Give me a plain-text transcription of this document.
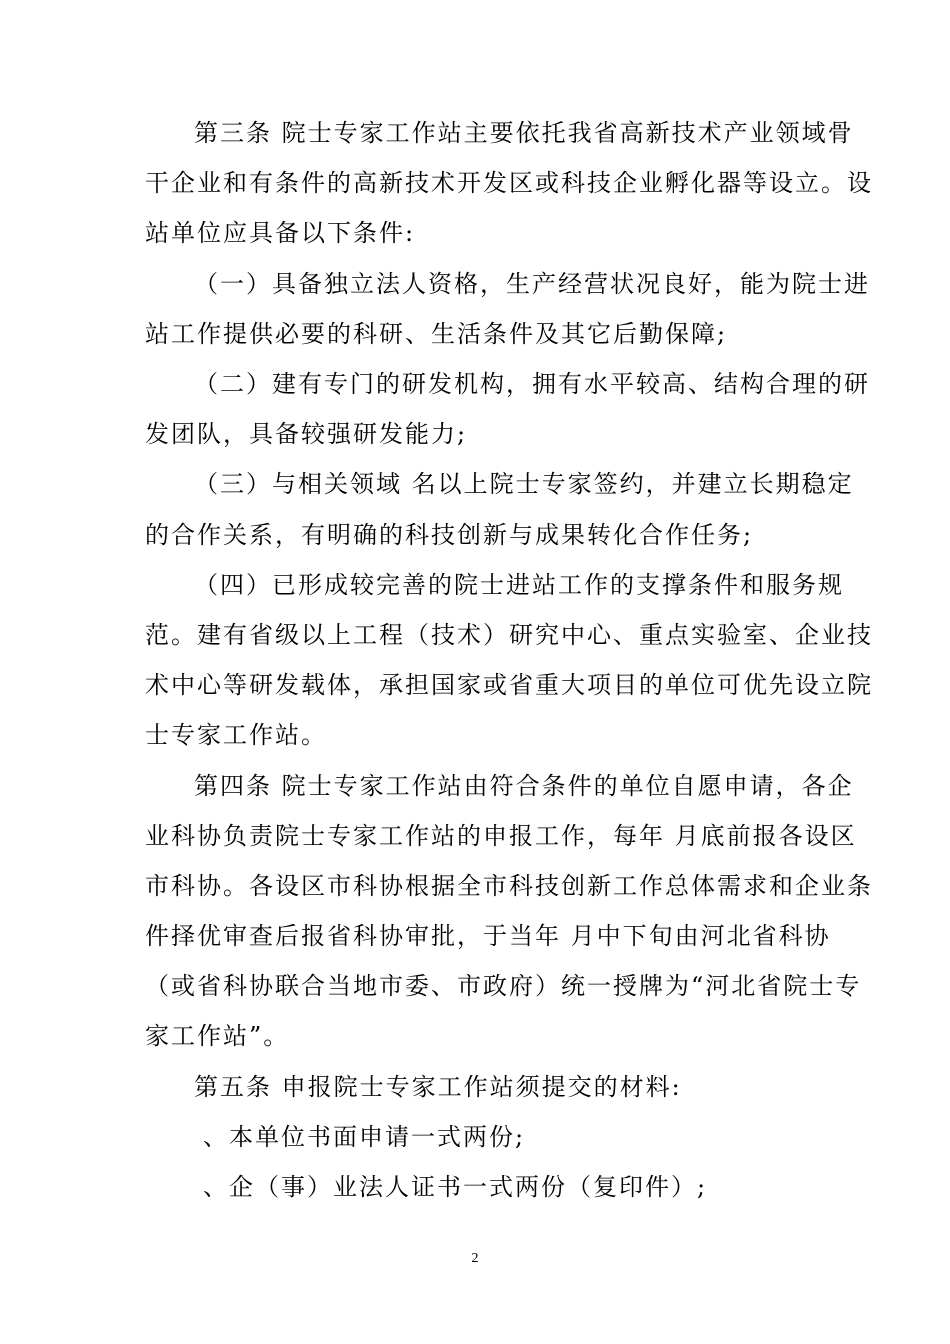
第三条 院士专家工作站主要依托我省高新技术产业领域骨
干企业和有条件的高新技术开发区或科技企业孵化器等设立。设
站单位应具备以下条件:
（一）具备独立法人资格，生产经营状况良好，能为院士进
站工作提供必要的科研、生活条件及其它后勤保障;
（二）建有专门的研发机构，拥有水平较高、结构合理的研
发团队，具备较强研发能力;
（三）与相关领域 名以上院士专家签约，并建立长期稳定
的合作关系，有明确的科技创新与成果转化合作任务;
（四）已形成较完善的院士进站工作的支撑条件和服务规
范。建有省级以上工程（技术）研究中心、重点实验室、企业技
术中心等研发载体，承担国家或省重大项目的单位可优先设立院
士专家工作站。
第四条 院士专家工作站由符合条件的单位自愿申请，各企
业科协负责院士专家工作站的申报工作，每年 月底前报各设区
市科协。各设区市科协根据全市科技创新工作总体需求和企业条
件择优审查后报省科协审批，于当年 月中下旬由河北省科协
（或省科协联合当地市委、市政府）统一授牌为“河北省院士专
家工作站”。
第五条 申报院士专家工作站须提交的材料:
、本单位书面申请一式两份;
、企（事）业法人证书一式两份（复印件）;
2
